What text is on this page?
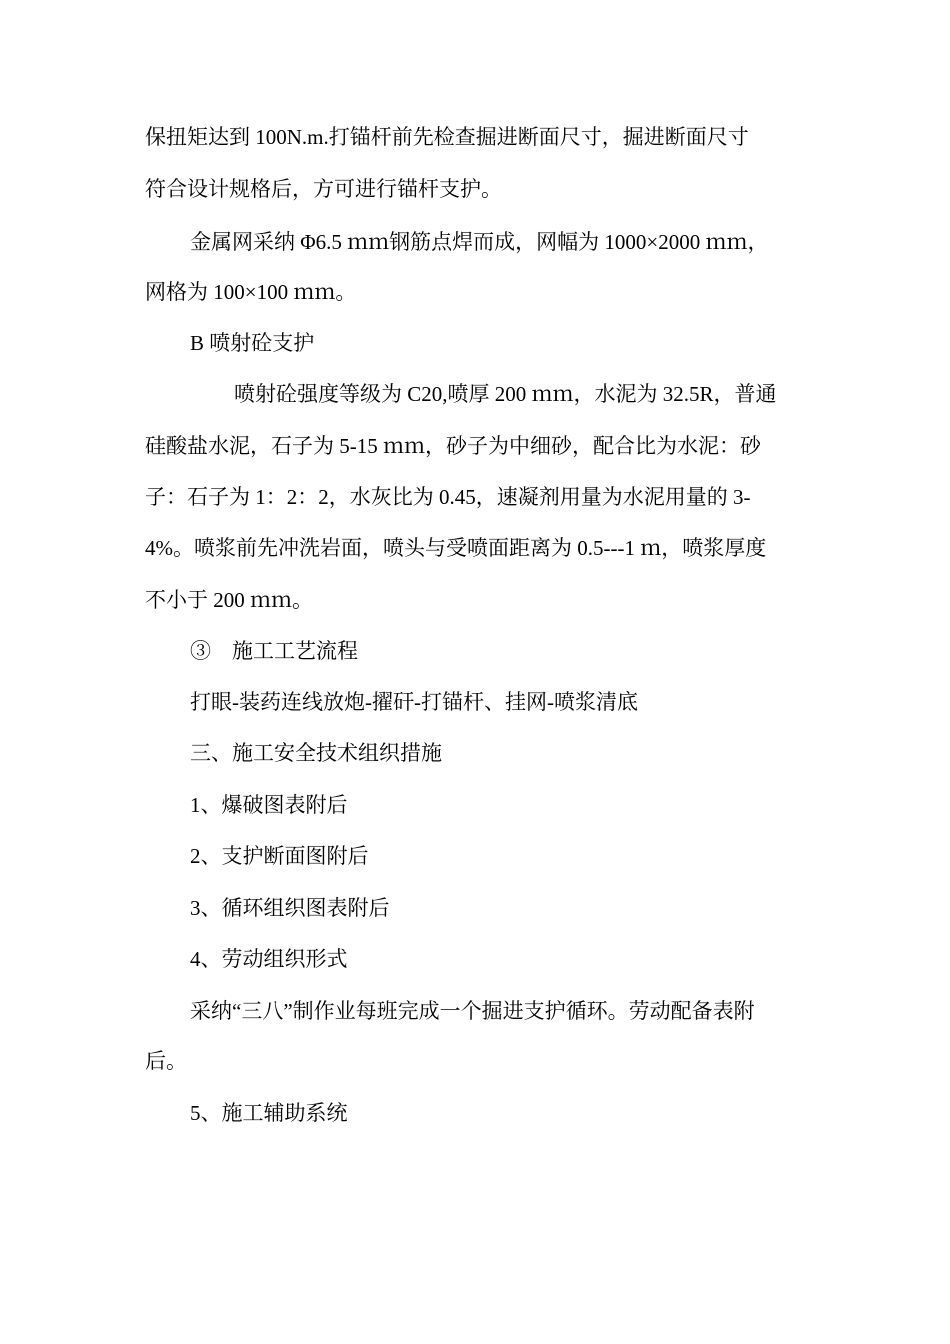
保扭矩达到 100N.m.打锚杆前先检查掘进断面尺寸，掘进断面尺寸
符合设计规格后，方可进行锚杆支护。
金属网采纳 Φ6.5 ｍｍ钢筋点焊而成，网幅为 1000×2000 ｍｍ，
网格为 100×100 ｍｍ。
B 喷射砼支护
喷射砼强度等级为 C20,喷厚 200 ｍｍ，水泥为 32.5R，普通
硅酸盐水泥，石子为 5-15 ｍｍ，砂子为中细砂，配合比为水泥：砂
子：石子为 1：2：2，水灰比为 0.45，速凝剂用量为水泥用量的 3-
4%。喷浆前先冲洗岩面，喷头与受喷面距离为 0.5---1 ｍ，喷浆厚度
不小于 200 ｍｍ。
③　施工工艺流程
打眼-装药连线放炮-擢矸-打锚杆、挂网-喷浆清底
三、施工安全技术组织措施
1、爆破图表附后
2、支护断面图附后
3、循环组织图表附后
4、劳动组织形式
采纳“三八”制作业每班完成一个掘进支护循环。劳动配备表附
后。
5、施工辅助系统
